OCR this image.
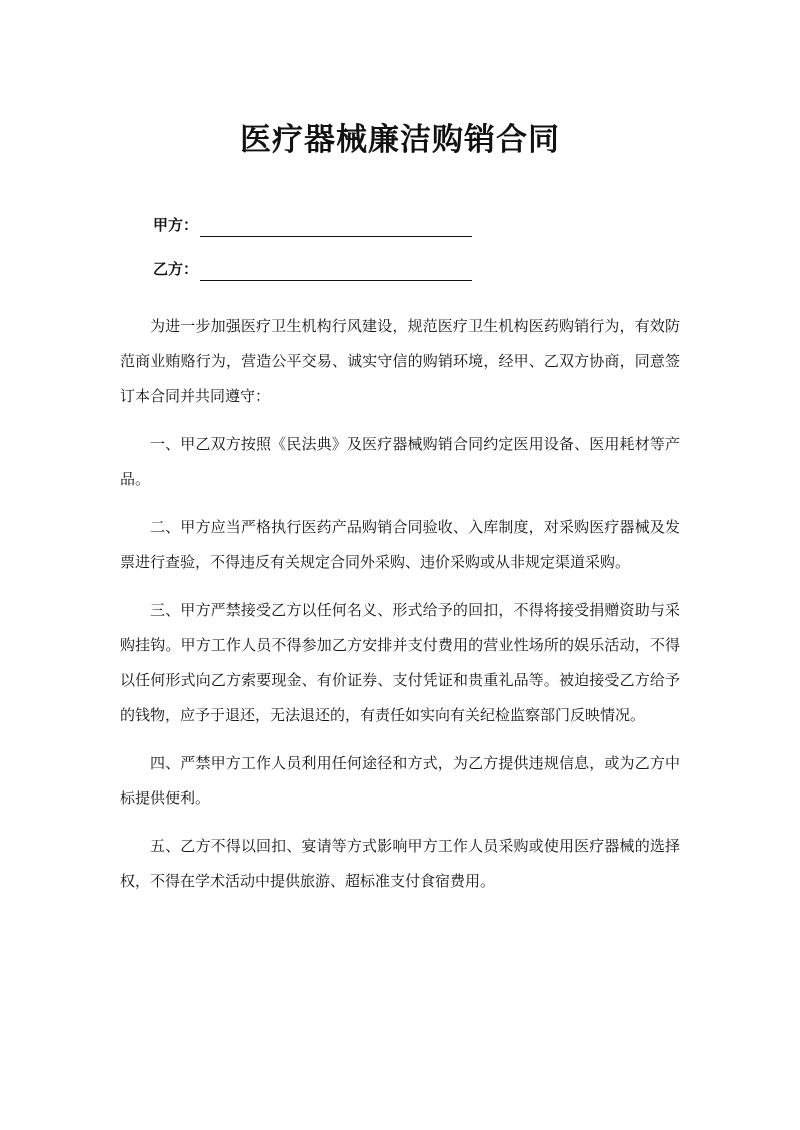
医疗器械廉洁购销合同
甲方：
乙方：

为进一步加强医疗卫生机构行风建设，规范医疗卫生机构医药购销行为，有效防范商业贿赂行为，营造公平交易、诚实守信的购销环境，经甲、乙双方协商，同意签订本合同并共同遵守：

一、甲乙双方按照《民法典》及医疗器械购销合同约定医用设备、医用耗材等产品。

二、甲方应当严格执行医药产品购销合同验收、入库制度，对采购医疗器械及发票进行查验，不得违反有关规定合同外采购、违价采购或从非规定渠道采购。

三、甲方严禁接受乙方以任何名义、形式给予的回扣，不得将接受捐赠资助与采购挂钩。甲方工作人员不得参加乙方安排并支付费用的营业性场所的娱乐活动，不得以任何形式向乙方索要现金、有价证券、支付凭证和贵重礼品等。被迫接受乙方给予的钱物，应予于退还，无法退还的，有责任如实向有关纪检监察部门反映情况。

四、严禁甲方工作人员利用任何途径和方式，为乙方提供违规信息，或为乙方中标提供便利。

五、乙方不得以回扣、宴请等方式影响甲方工作人员采购或使用医疗器械的选择权，不得在学术活动中提供旅游、超标准支付食宿费用。
